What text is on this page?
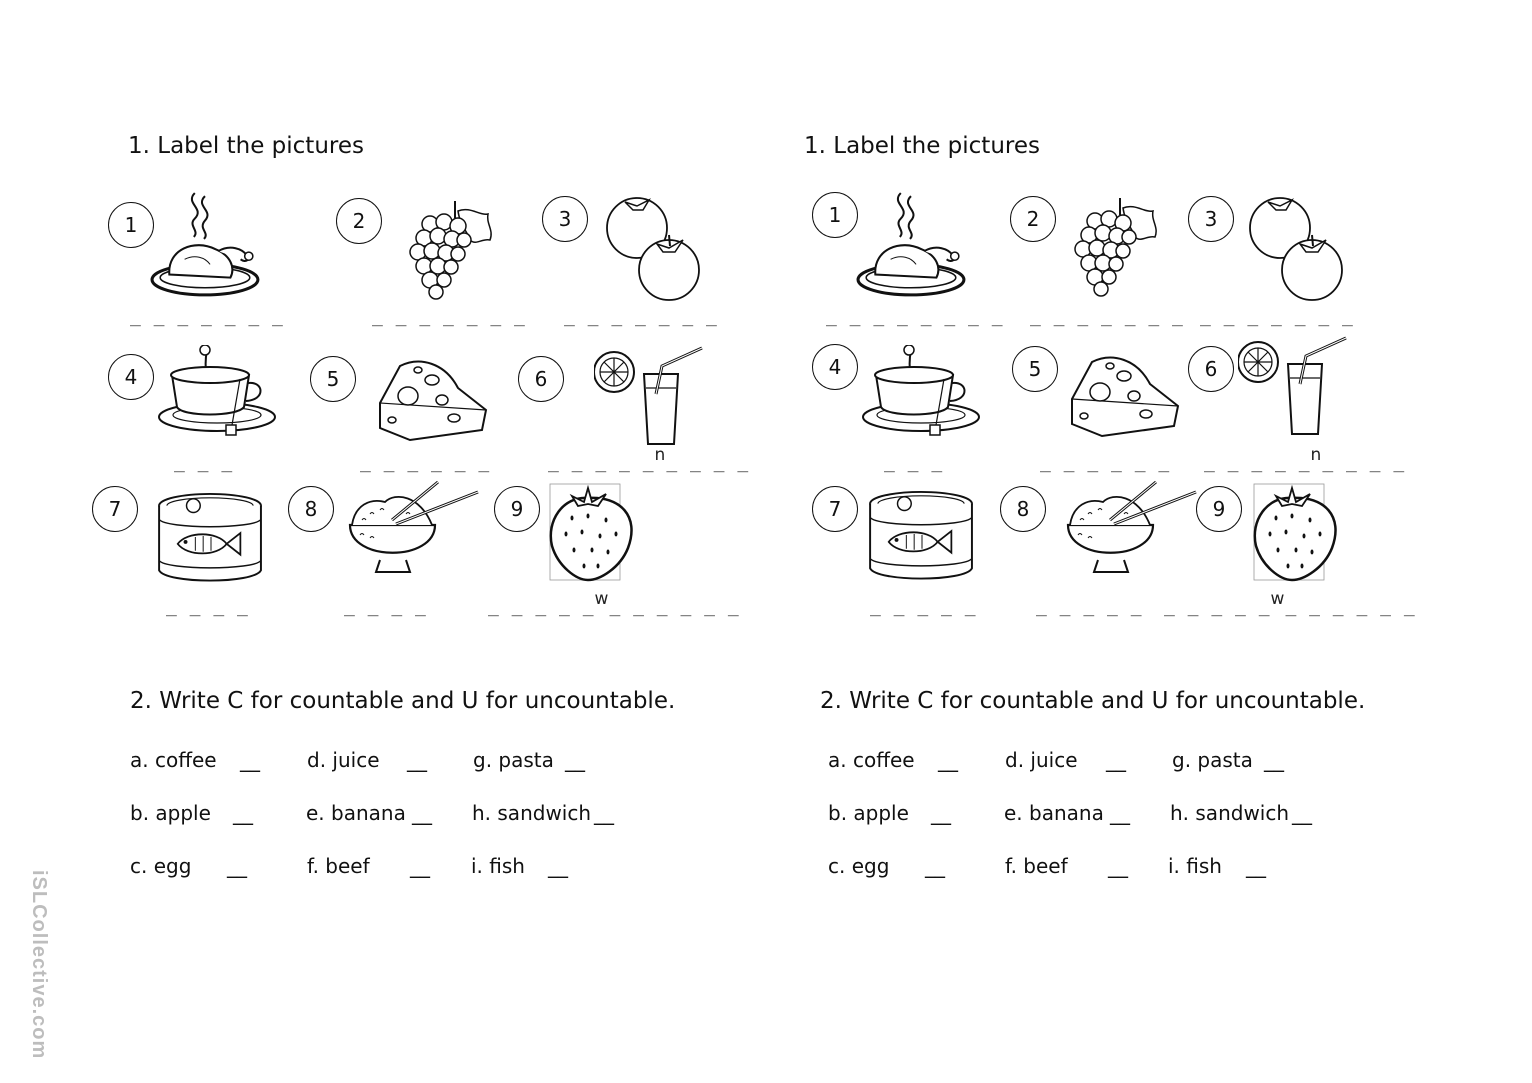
1. Label the pictures
1
_ _ _ _ _ _ _
2
_ _ _ _ _ _ _
3
_ _ _ _ _ _ _
4
_ _ _
5
_ _ _ _ _ _
6
_ _ _ _ _n_ _ _ _
7
_ _ _ _
8
_ _ _ _
9
_ _ _ _ _w_ _ _ _ _ _
2. Write C for countable and U for uncountable.
a. coffee __ d. juice __ g. pasta __
b. apple __	e. banana __ h. sandwich __
c. egg __	f. beef __ i. fish __
1. Label the pictures
1
_ _ _ _ _ _ _ _
2
_ _ _ _ _ _ _
3
_ _ _ _ _ _ _
4
_ _ _
5
_ _ _ _ _ _
6
_ _ _ _ _n_ _ _ _
7
_ _ _ _ _
8
_ _ _ _ _
9
_ _ _ _ _w_ _ _ _ _ _
2. Write C for countable and U for uncountable.
a. coffee __ d. juice __ g. pasta __
b. apple __	e. banana __ h. sandwich __
c. egg __	f. beef __ i. fish __
iSLCollective.com
